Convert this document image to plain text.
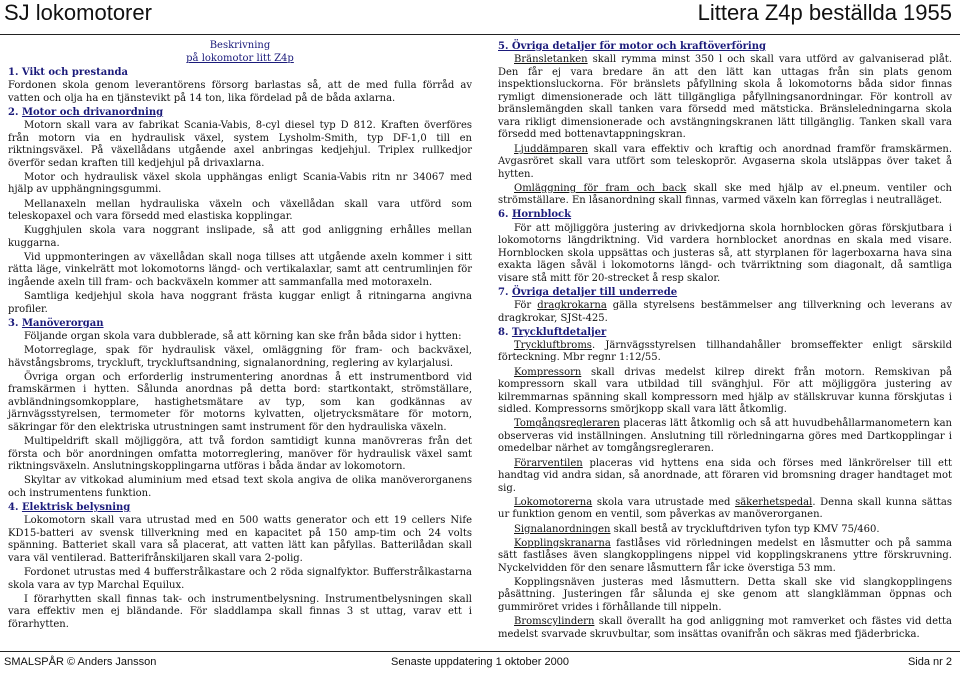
SJ lokomotorer	Littera Z4p beställda 1955
Beskrivning
på lokomotor litt Z4p
1. Vikt och prestanda

Fordonen skola genom leverantörens försorg barlastas så, att de med fulla förråd av vatten och olja ha en tjänstevikt på 14 ton, lika fördelad på de båda axlarna.

2. Motor och drivanordning

Motorn skall vara av fabrikat Scania-Vabis, 8-cyl diesel typ D 812. Kraften överföres från motorn via en hydraulisk växel, system Lysholm-Smith, typ DF-1,0 till en riktningsväxel. På växellådans utgående axel anbringas kedjehjul. Triplex rullkedjor överför sedan kraften till kedjehjul på drivaxlarna.

Motor och hydraulisk växel skola upphängas enligt Scania-Vabis ritn nr 34067 med hjälp av upphängningsgummi.

Mellanaxeln mellan hydrauliska växeln och växellådan skall vara utförd som teleskopaxel och vara försedd med elastiska kopplingar.

Kugghjulen skola vara noggrant inslipade, så att god anliggning erhålles mellan kuggarna.

Vid uppmonteringen av växellådan skall noga tillses att utgående axeln kommer i sitt rätta läge, vinkelrätt mot lokomotorns längd- och vertikalaxlar, samt att centrumlinjen för ingående axeln till fram- och backväxeln kommer att sammanfalla med motoraxeln.

Samtliga kedjehjul skola hava noggrant frästa kuggar enligt å ritningarna angivna profiler.

3. Manöverorgan

Följande organ skola vara dubblerade, så att körning kan ske från båda sidor i hytten:

Motorreglage, spak för hydraulisk växel, omläggning för fram- och backväxel, hävstångsbroms, tryckluft, tryckluftsandning, signalanordning, reglering av kylarjalusi.

Övriga organ och erforderlig instrumentering anordnas å ett instrumentbord vid framskärmen i hytten. Sålunda anordnas på detta bord: startkontakt, strömställare, avbländningsomkopplare, hastighetsmätare av typ, som kan godkännas av järnvägsstyrelsen, termometer för motorns kylvatten, oljetrycksmätare för motorn, säkringar för den elektriska utrustningen samt instrument för den hydrauliska växeln.

Multipeldrift skall möjliggöra, att två fordon samtidigt kunna manövreras från det första och bör anordningen omfatta motorreglering, manöver för hydraulisk växel samt riktningsväxeln. Anslutningskopplingarna utföras i båda ändar av lokomotorn.

Skyltar av vitkokad aluminium med etsad text skola angiva de olika manöverorganens och instrumentens funktion.

4. Elektrisk belysning

Lokomotorn skall vara utrustad med en 500 watts generator och ett 19 cellers Nife KD15-batteri av svensk tillverkning med en kapacitet på 150 amp-tim och 24 volts spänning. Batteriet skall vara så placerat, att vatten lätt kan påfyllas. Batterilådan skall vara väl ventilerad. Batterifrånskiljaren skall vara 2-polig.

Fordonet utrustas med 4 bufferstrålkastare och 2 röda signalfyktor. Bufferstrålkastarna skola vara av typ Marchal Equilux.

I förarhytten skall finnas tak- och instrumentbelysning. Instrumentbelysningen skall vara effektiv men ej bländande. För sladdlampa skall finnas 3 st uttag, varav ett i förarhytten.

5. Övriga detaljer för motor och kraftöverföring

Bränsletanken skall rymma minst 350 l och skall vara utförd av galvaniserad plåt. Den får ej vara bredare än att den lätt kan uttagas från sin plats genom inspektionsluckorna. För bränslets påfyllning skola å lokomotorns båda sidor finnas rymligt dimensionerade och lätt tillgängliga påfyllningsanordningar. För kontroll av bränslemängden skall tanken vara försedd med mätsticka. Bränsleledningarna skola vara rikligt dimensionerade och avstängningskranen lätt tillgänglig. Tanken skall vara försedd med bottenavtappningskran.

Ljuddämparen skall vara effektiv och kraftig och anordnad framför framskärmen. Avgasröret skall vara utfört som teleskoprör. Avgaserna skola utsläppas över taket å hytten.

Omläggning för fram och back skall ske med hjälp av el.pneum. ventiler och strömställare. En låsanordning skall finnas, varmed växeln kan förreglas i neutralläget.

6. Hornblock

För att möjliggöra justering av drivkedjorna skola hornblocken göras förskjutbara i lokomotorns längdriktning. Vid vardera hornblocket anordnas en skala med visare. Hornblocken skola uppsättas och justeras så, att styrplanen för lagerboxarna hava sina exakta lägen såväl i lokomotorns längd- och tvärriktning som diagonalt, då samtliga visare stå mitt för 20-strecket å resp skalor.

7. Övriga detaljer till underrede

För dragkrokarna gälla styrelsens bestämmelser ang tillverkning och leverans av dragkrokar, SJSt-425.

8. Tryckluftdetaljer

Tryckluftbroms. Järnvägsstyrelsen tillhandahåller bromseffekter enligt särskild förteckning. Mbr regnr 1:12/55.

Kompressorn skall drivas medelst kilrep direkt från motorn. Remskivan på kompressorn skall vara utbildad till svänghjul. För att möjliggöra justering av kilremmarnas spänning skall kompressorn med hjälp av ställskruvar kunna förskjutas i sidled. Kompressorns smörjkopp skall vara lätt åtkomlig.

Tomgångsregleraren placeras lätt åtkomlig och så att huvudbehållarmanometern kan observeras vid inställningen. Anslutning till rörledningarna göres med Dartkopplingar i omedelbar närhet av tomgångsregleraren.

Förarventilen placeras vid hyttens ena sida och förses med länkrörelser till ett handtag vid andra sidan, så anordnade, att föraren vid bromsning drager handtaget mot sig.

Lokomotorerna skola vara utrustade med säkerhetspedal. Denna skall kunna sättas ur funktion genom en ventil, som påverkas av manöverorganen.

Signalanordningen skall bestå av tryckluftdriven tyfon typ KMV 75/460.

Kopplingskranarna fastlåses vid rörledningen medelst en låsmutter och på samma sätt fastlåses även slangkopplingens nippel vid kopplingskranens yttre förskruvning. Nyckelvidden för den senare låsmuttern får icke överstiga 53 mm.

Kopplingsnäven justeras med låsmuttern. Detta skall ske vid slangkopplingens påsättning. Justeringen får sålunda ej ske genom att slangklämman öppnas och gummiröret vrides i förhållande till nippeln.

Bromscylindern skall överallt ha god anliggning mot ramverket och fästes vid detta medelst svarvade skruvbultar, som insättas ovanifrån och säkras med fjäderbricka.

SMALSPÅR © Anders Jansson	Senaste uppdatering 1 oktober 2000	Sida nr 2
